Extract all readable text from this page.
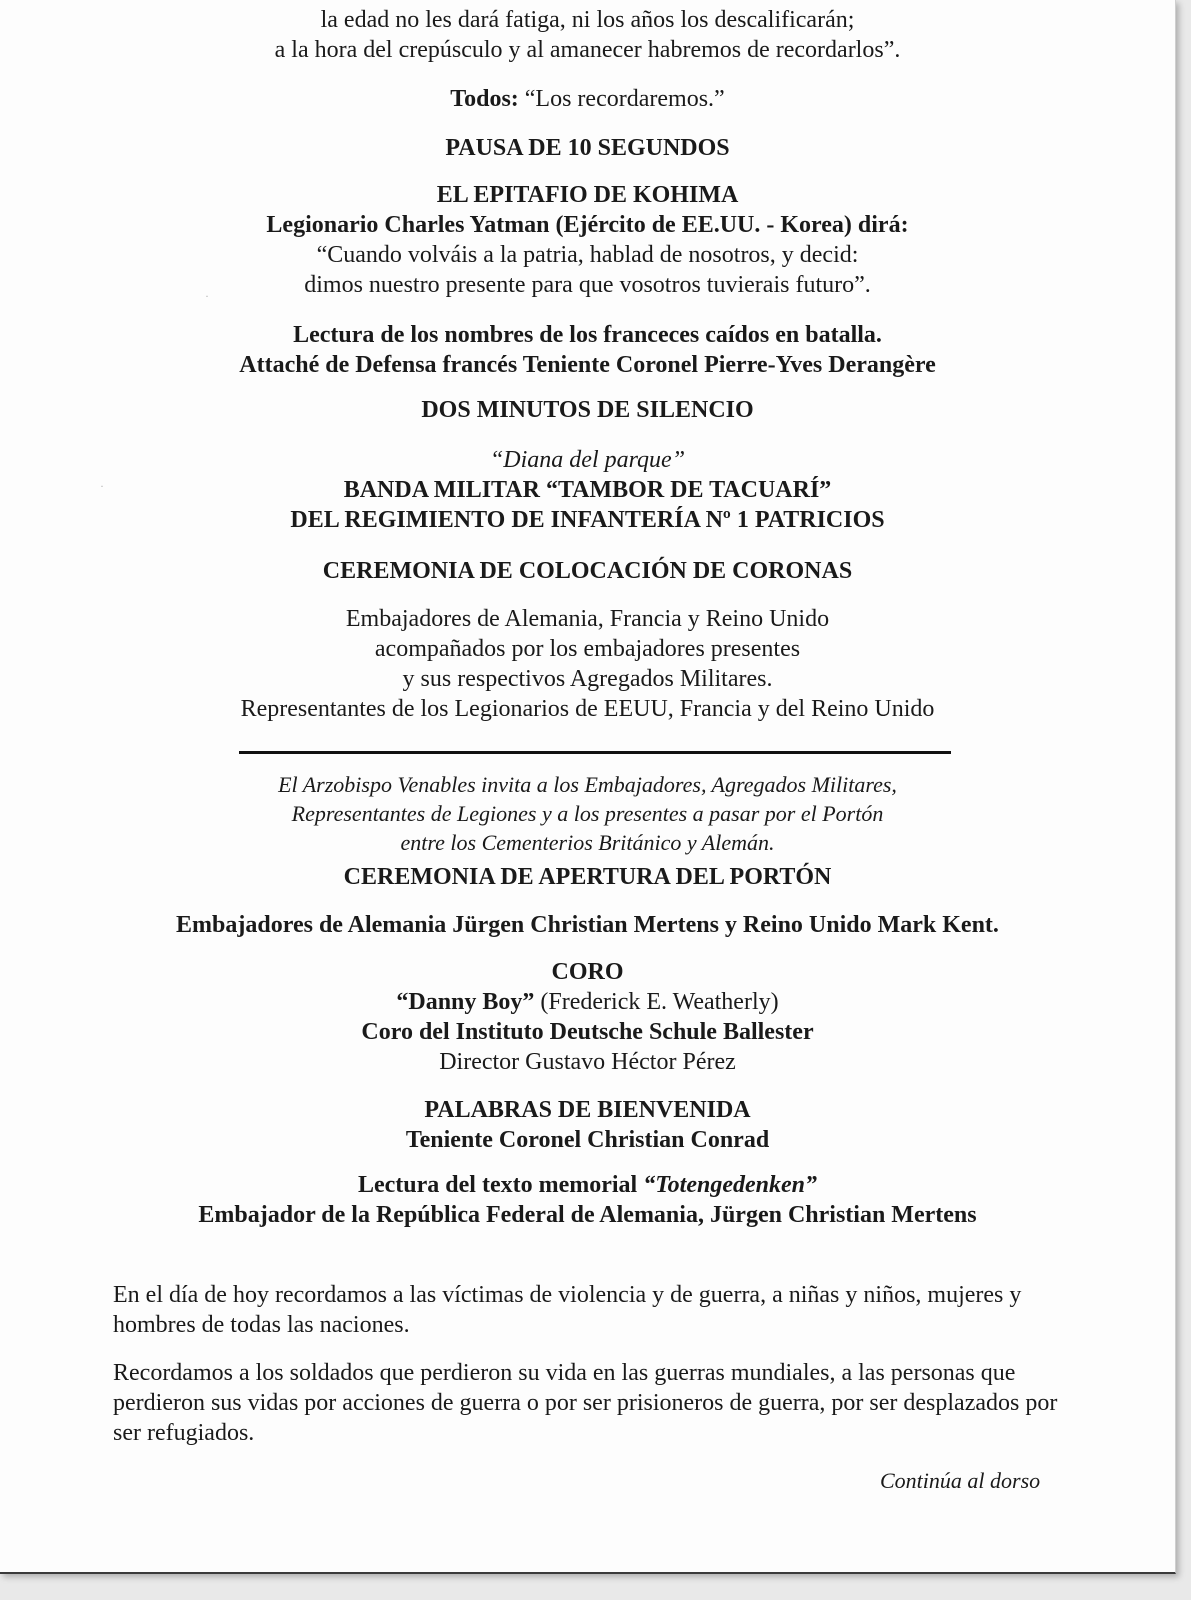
la edad no les dará fatiga, ni los años los descalificarán;
a la hora del crepúsculo y al amanecer habremos de recordarlos”.
Todos: “Los recordaremos.”
PAUSA DE 10 SEGUNDOS
EL EPITAFIO DE KOHIMA
Legionario Charles Yatman (Ejército de EE.UU. - Korea) dirá:
“Cuando volváis a la patria, hablad de nosotros, y decid:
dimos nuestro presente para que vosotros tuvierais futuro”.
Lectura de los nombres de los franceces caídos en batalla.
Attaché de Defensa francés Teniente Coronel Pierre-Yves Derangère
DOS MINUTOS DE SILENCIO
“Diana del parque”
BANDA MILITAR “TAMBOR DE TACUARÍ”
DEL REGIMIENTO DE INFANTERÍA Nº 1 PATRICIOS
CEREMONIA DE COLOCACIÓN DE CORONAS
Embajadores de Alemania, Francia y Reino Unido
acompañados por los embajadores presentes
y sus respectivos Agregados Militares.
Representantes de los Legionarios de EEUU, Francia y del Reino Unido
El Arzobispo Venables invita a los Embajadores, Agregados Militares,
Representantes de Legiones y a los presentes a pasar por el Portón
entre los Cementerios Británico y Alemán.
CEREMONIA DE APERTURA DEL PORTÓN
Embajadores de Alemania Jürgen Christian Mertens y Reino Unido Mark Kent.
CORO
“Danny Boy” (Frederick E. Weatherly)
Coro del Instituto Deutsche Schule Ballester
Director Gustavo Héctor Pérez
PALABRAS DE BIENVENIDA
Teniente Coronel Christian Conrad
Lectura del texto memorial “Totengedenken”
Embajador de la República Federal de Alemania, Jürgen Christian Mertens
En el día de hoy recordamos a las víctimas de violencia y de guerra, a niñas y niños, mujeres y hombres de todas las naciones.
Recordamos a los soldados que perdieron su vida en las guerras mundiales, a las personas que perdieron sus vidas por acciones de guerra o por ser prisioneros de guerra, por ser desplazados por ser refugiados.
Continúa al dorso
·
·
